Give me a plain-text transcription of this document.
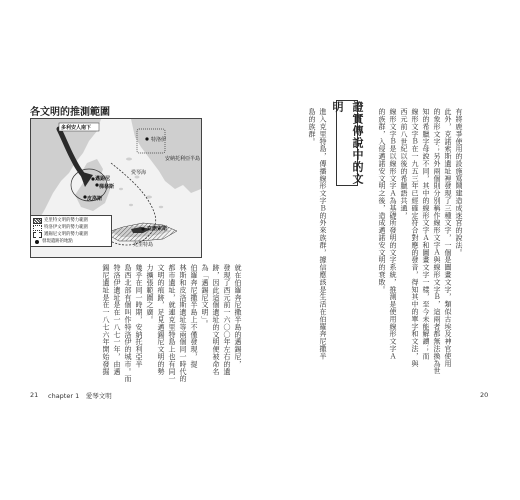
有將鹿爭使用的設施寫鬧建造成迷宮的說法。
此外，克諾索斯遺址裡發現了三種文字，一個是圖畫文字，類似古埃及神官使用
的象形文字；另外兩個則分別稱作線形文字Ａ與線形文字Ｂ，這兩者都無法換為世
知的希臘字母說不同，其中的線形文字Ａ和圖畫文字一樣，至今未能解讀；而
線形文字Ｂ在一九五三年已經確定符合對應的發音，得知其中的單字和文法，與
西元前八世紀以後的希臘語共通，
線形文字Ｂ是以線形文字Ａ為基礎所發明的文字系統，推測是使用線形文字Ａ
的族群，入侵邁諾安文明之後，造成邁諾安文明的衰敗。
證實傳說中的文明
進入克里特島，傳播線形文字Ｂ的外來族群，據信應該是生活在伯羅奔尼撒半
島的族群。
各文明的推測範圍
多利安人南下
特洛伊
安納托利亞半島
愛琴海
邁錫尼
皮洛斯
梯林斯
克里特島
克諾索斯
克里特文明的勢力範圍
特洛伊文明的勢力範圍
邁錫尼文明的勢力範圍
發現遺跡的地點
就在伯羅奔尼撒半島的邁錫尼，
發現了西元前一六〇〇年左右的遺
跡，因此這個遺址的文明便被命名
為「邁錫尼文明」。
伯羅奔尼撒半島上不僅發現，提
林斯和皮洛斯遺址等兩個同一時代的
都市遺址，就連克里特島上也有同一
文明的痕跡，足見邁錫尼文明的勢
力擴張範圍之廣。
幾乎在同一時期，安納托利亞半
島西北部有個叫作特洛伊的城市。而
特洛伊遺址是在一八七一年，由邁
錫尼遺址是在一八七六年開始發掘
21 chapter 1　愛琴文明	20
